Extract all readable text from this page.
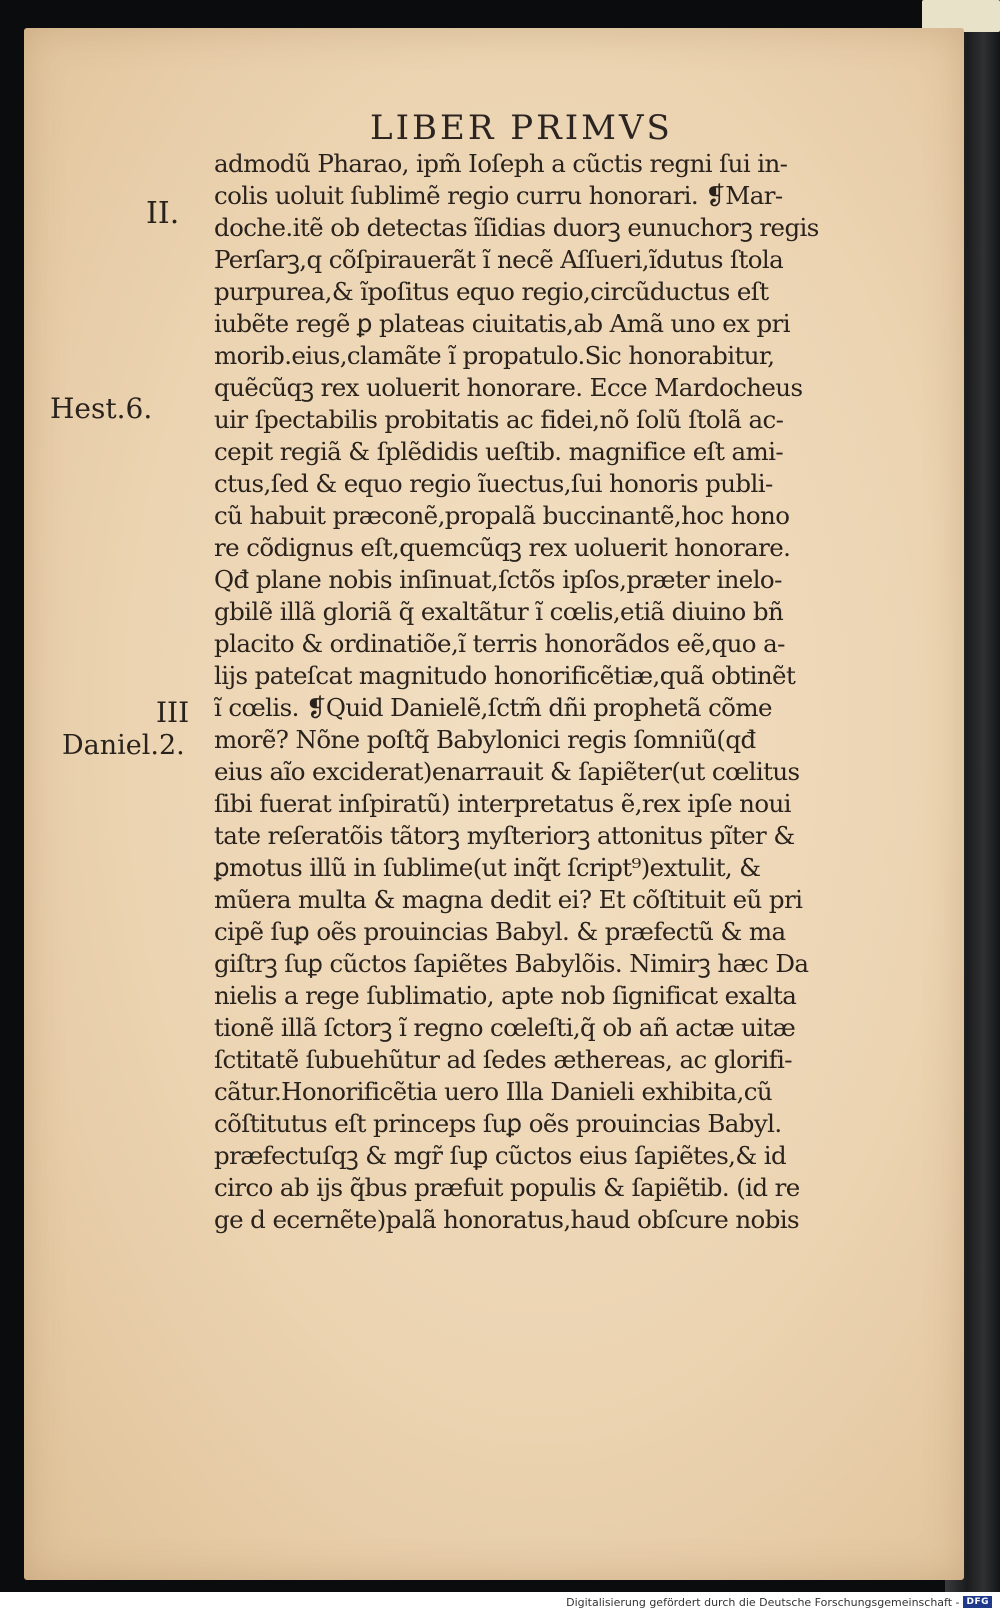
LIBER PRIMVS
II.
Hest.6.
III
Daniel.2.
admodũ Pharao, ipm̃ Ioſeph a cũctis regni ſui in-
colis uoluit ſublimẽ regio curru honorari. ❡Mar-
doche.itẽ ob detectas ĩſidias duorꝫ eunuchorꝫ regis
Perſarꝫ,q cõſpirauerãt ĩ necẽ Aſſueri,ĩdutus ſtola
purpurea,& ĩpoſitus equo regio,circũductus eſt
iubẽte regẽ ꝑ plateas ciuitatis,ab Amã uno ex pri
morib.eius,clamãte ĩ propatulo.Sic honorabitur,
quẽcũqꝫ rex uoluerit honorare. Ecce Mardocheus
uir ſpectabilis probitatis ac fidei,nõ ſolũ ſtolã ac-
cepit regiã & ſplẽdidis ueſtib. magnifice eſt ami-
ctus,ſed & equo regio ĩuectus,ſui honoris publi-
cũ habuit præconẽ,propalã buccinantẽ,hoc hono
re cõdignus eſt,quemcũqꝫ rex uoluerit honorare.
Qđ plane nobis inſinuat,ſctõs ipſos,præter inelo-
gbilẽ illã gloriã q̃ exaltãtur ĩ cœlis,etiã diuino bñ
placito & ordinatiõe,ĩ terris honorãdos eẽ,quo a-
lijs pateſcat magnitudo honorificẽtiæ,quã obtinẽt
ĩ cœlis. ❡Quid Danielẽ,ſctm̃ dñi prophetã cõme
morẽ? Nõne poſtq̃ Babylonici regis ſomniũ(qđ
eius aĩo exciderat)enarrauit & ſapiẽter(ut cœlitus
ſibi fuerat inſpiratũ) interpretatus ẽ,rex ipſe noui
tate reſeratõis tãtorꝫ myſteriorꝫ attonitus pĩter &
ꝑmotus illũ in ſublime(ut inq̃t ſcript⁹)extulit, &
mũera multa & magna dedit ei? Et cõſtituit eũ pri
cipẽ ſuꝑ oẽs prouincias Babyl. & præfectũ & ma
giſtrꝫ ſuꝑ cũctos ſapiẽtes Babylõis. Nimirꝫ hæc Da
nielis a rege ſublimatio, apte nob ſignificat exalta
tionẽ illã ſctorꝫ ĩ regno cœleſti,q̃ ob añ actæ uitæ
ſctitatẽ ſubuehũtur ad ſedes æthereas, ac glorifi-
cãtur.Honorificẽtia uero Illa Danieli exhibita,cũ
cõſtitutus eſt princeps ſuꝑ oẽs prouincias Babyl.
præfectuſqꝫ & mgr̃ ſuꝑ cũctos eius ſapiẽtes,& id
circo ab ijs q̃bus præfuit populis & ſapiẽtib. (id re
ge d ecernẽte)palã honoratus,haud obſcure nobis
Digitalisierung gefördert durch die Deutsche Forschungsgemeinschaft - DFG
